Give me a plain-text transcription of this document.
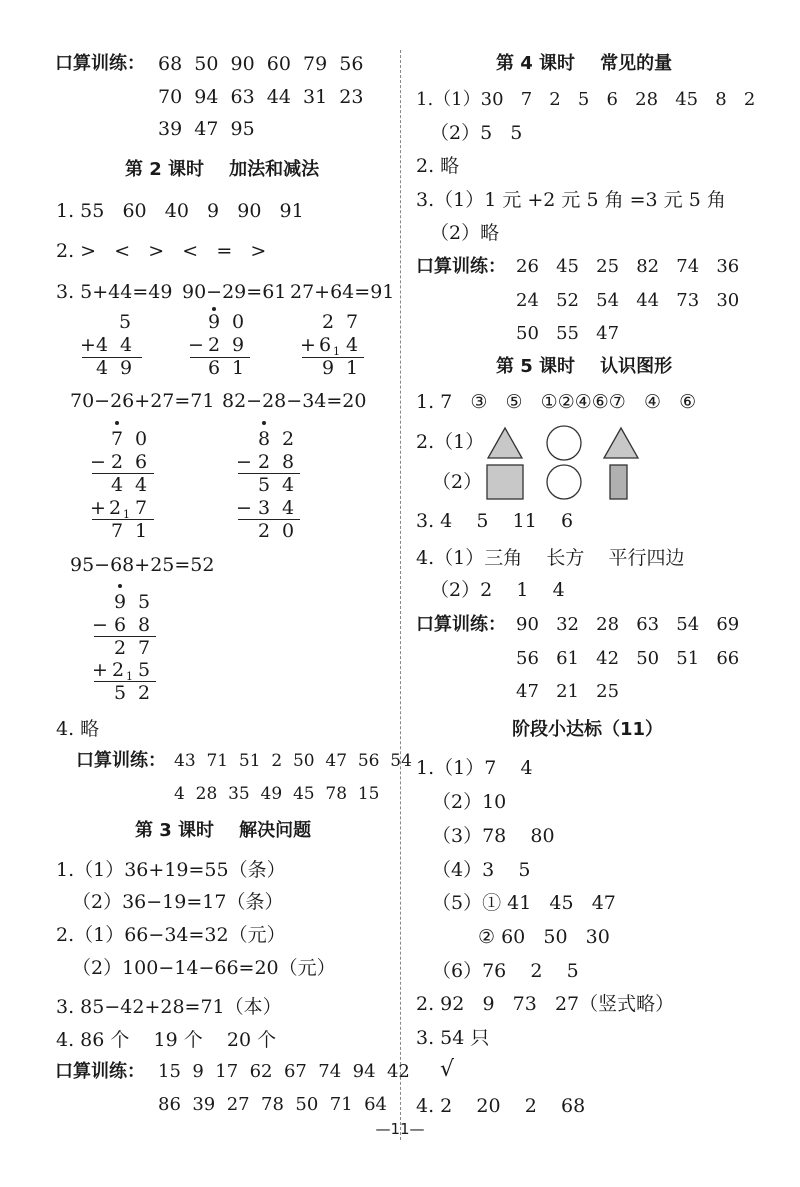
口算训练： 68  50  90  60  79  56
70  94  63  44  31  23
39  47  95
第 2 课时    加法和减法
1. 55   60   40   9   90   91
2. >   <   >   <   =   >
3. 5+44=49 90−29=61 27+64=91
5
+ 4 4
4 9
9 0
− 2 9
6 1
2 7
+ 6 1 4
9 1
70−26+27=71 82−28−34=20
7 0
− 2 6
4 4
+ 2 1 7
7 1
8 2
− 2 8
5 4
− 3 4
2 0
95−68+25=52
9 5
− 6 8
2 7
+ 2 1 5
5 2
4. 略
口算训练： 43  71  51  2  50  47  56  54
4  28  35  49  45  78  15
第 3 课时    解决问题
1.（1）36+19=55（条）
（2）36−19=17（条）
2.（1）66−34=32（元）
（2）100−14−66=20（元）
3. 85−42+28=71（本）
4. 86 个    19 个    20 个
口算训练： 15  9  17  62  67  74  94  42
86  39  27  78  50  71  64
第 4 课时    常见的量
1.（1）30   7   2   5   6   28   45   8   2
（2）5   5
2. 略
3.（1）1 元 +2 元 5 角 =3 元 5 角
（2）略
口算训练： 26   45   25   82   74   36
24   52   54   44   73   30
50   55   47
第 5 课时    认识图形
1. 7   ③   ⑤   ①②④⑥⑦   ④   ⑥
2.（1）
（2）
3. 4    5    11    6
4.（1）三角    长方    平行四边
（2）2    1    4
口算训练： 90   32   28   63   54   69
56   61   42   50   51   66
47   21   25
阶段小达标（11）
1.（1）7    4
（2）10
（3）78    80
（4）3    5
（5）① 41   45   47
② 60   50   30
（6）76    2    5
2. 92   9   73   27（竖式略）
3. 54 只
√
4. 2    20    2    68
—11—
